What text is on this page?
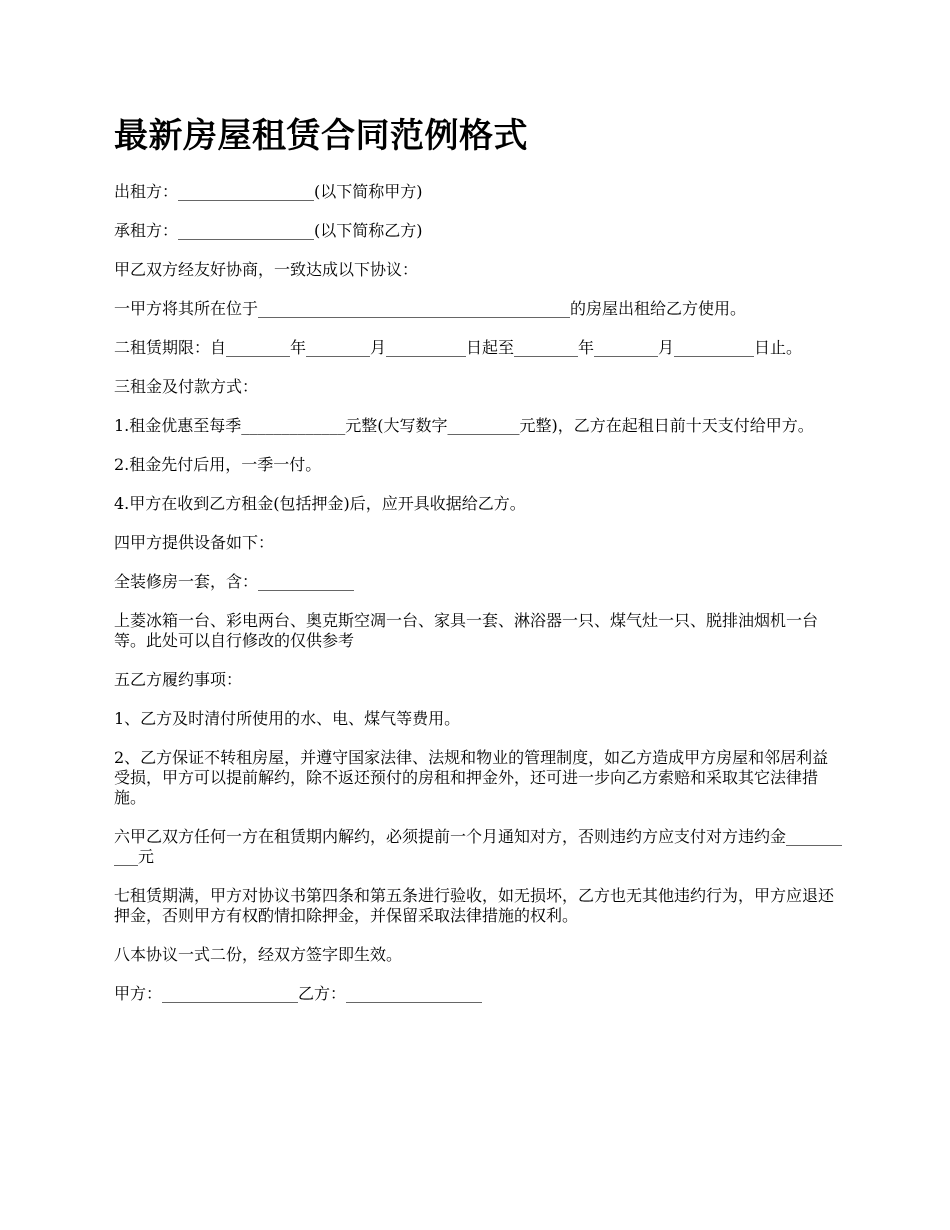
最新房屋租赁合同范例格式

出租方：_________________(以下简称甲方)

承租方：_________________(以下简称乙方)

甲乙双方经友好协商，一致达成以下协议：

一甲方将其所在位于_______________________________________的房屋出租给乙方使用。

二租赁期限：自________年________月__________日起至________年________月__________日止。

三租金及付款方式：

1.租金优惠至每季_____________元整(大写数字_________元整)，乙方在起租日前十天支付给甲方。

2.租金先付后用，一季一付。

4.甲方在收到乙方租金(包括押金)后，应开具收据给乙方。

四甲方提供设备如下：

全装修房一套，含：____________

上菱冰箱一台、彩电两台、奥克斯空凋一台、家具一套、淋浴器一只、煤气灶一只、脱排油烟机一台等。此处可以自行修改的仅供参考

五乙方履约事项：

1、乙方及时清付所使用的水、电、煤气等费用。

2、乙方保证不转租房屋，并遵守国家法律、法规和物业的管理制度，如乙方造成甲方房屋和邻居利益受损，甲方可以提前解约，除不返还预付的房租和押金外，还可进一步向乙方索赔和采取其它法律措施。

六甲乙双方任何一方在租赁期内解约，必须提前一个月通知对方，否则违约方应支付对方违约金__________元

七租赁期满，甲方对协议书第四条和第五条进行验收，如无损坏，乙方也无其他违约行为，甲方应退还押金，否则甲方有权酌情扣除押金，并保留采取法律措施的权利。

八本协议一式二份，经双方签字即生效。

甲方：_________________乙方：_________________
